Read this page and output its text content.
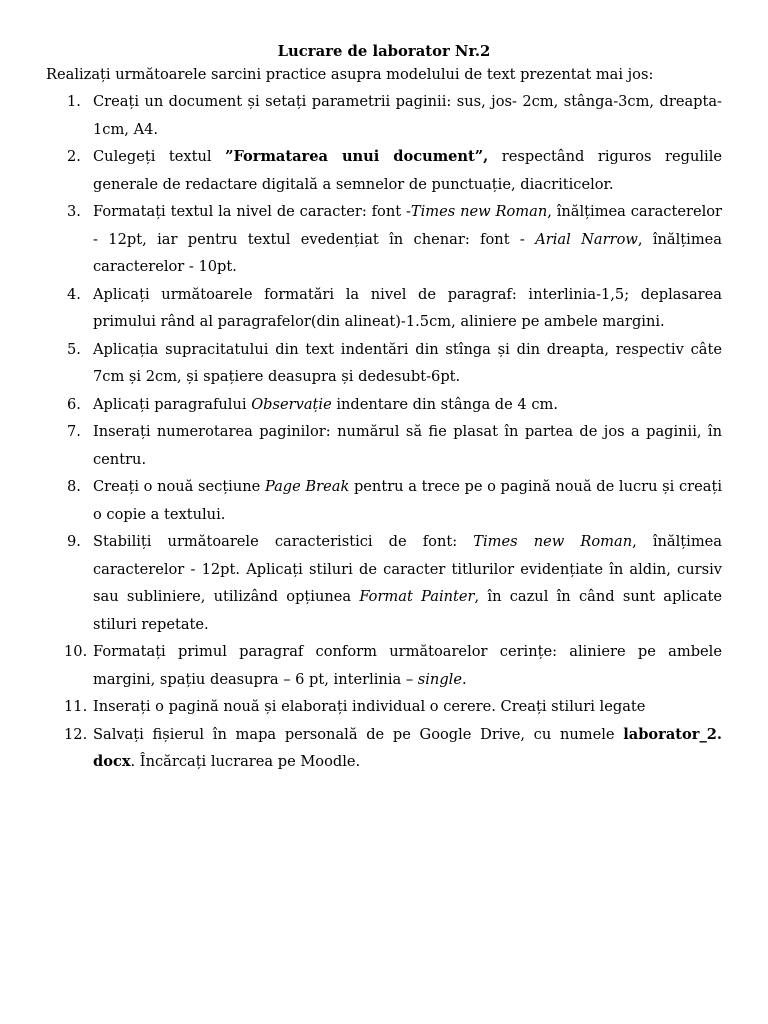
Lucrare de laborator Nr.2

Realizați următoarele sarcini practice asupra modelului de text prezentat mai jos:

1. Creați un document și setați parametrii paginii: sus, jos- 2cm, stânga-3cm, dreapta-1cm, A4.
2. Culegeți textul ”Formatarea unui document”, respectând riguros regulile generale de redactare digitală a semnelor de punctuație, diacriticelor.
3. Formatați textul la nivel de caracter: font -Times new Roman, înălțimea caracterelor - 12pt, iar pentru textul evedențiat în chenar: font - Arial Narrow, înălțimea caracterelor - 10pt.
4. Aplicați următoarele formatări la nivel de paragraf: interlinia-1,5; deplasarea primului rând al paragrafelor(din alineat)-1.5cm, aliniere pe ambele margini.
5. Aplicația supracitatului din text indentări din stînga și din dreapta, respectiv câte 7cm și 2cm, și spațiere deasupra și dedesubt-6pt.
6. Aplicați paragrafului Observație indentare din stânga de 4 cm.
7. Inserați numerotarea paginilor: numărul să fie plasat în partea de jos a paginii, în centru.
8. Creați o nouă secțiune Page Break pentru a trece pe o pagină nouă de lucru și creați o copie a textului.
9. Stabiliți următoarele caracteristici de font: Times new Roman, înălțimea caracterelor - 12pt. Aplicați stiluri de caracter titlurilor evidențiate în aldin, cursiv sau subliniere, utilizând opțiunea Format Painter, în cazul în când sunt aplicate stiluri repetate.
10. Formatați primul paragraf conform următoarelor cerințe: aliniere pe ambele margini, spațiu deasupra – 6 pt, interlinia – single.
11. Inserați o pagină nouă și elaborați individual o cerere. Creați stiluri legate
12. Salvați fișierul în mapa personală de pe Google Drive, cu numele laborator_2. docx. Încărcați lucrarea pe Moodle.
